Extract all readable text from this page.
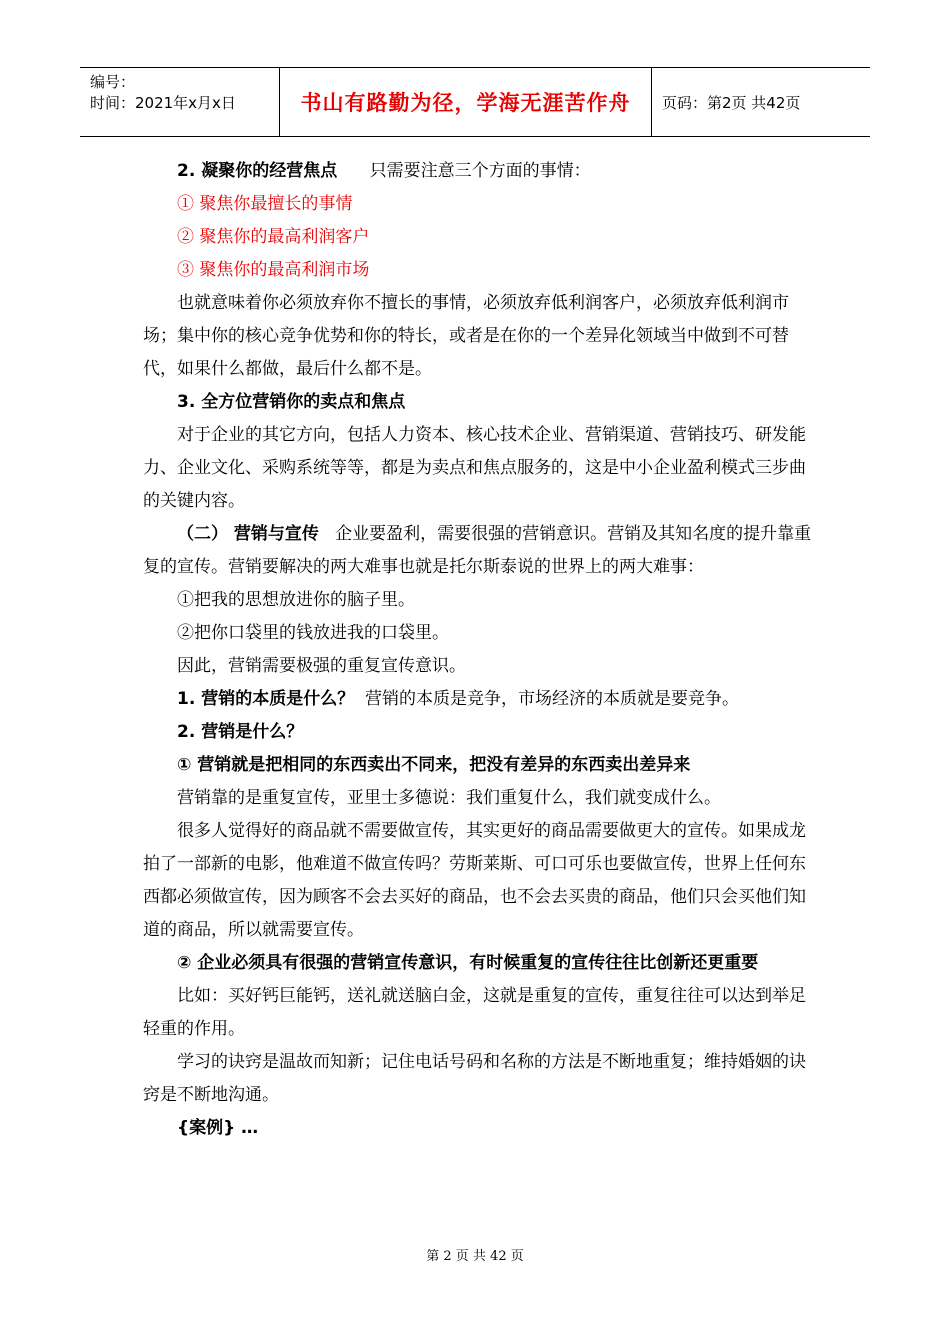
编号：
时间：2021年x月x日	书山有路勤为径，学海无涯苦作舟	页码：第2页 共42页

2. 凝聚你的经营焦点 只需要注意三个方面的事情：

① 聚焦你最擅长的事情

② 聚焦你的最高利润客户

③ 聚焦你的最高利润市场

也就意味着你必须放弃你不擅长的事情，必须放弃低利润客户，必须放弃低利润市场；集中你的核心竞争优势和你的特长，或者是在你的一个差异化领域当中做到不可替代，如果什么都做，最后什么都不是。

3. 全方位营销你的卖点和焦点

对于企业的其它方向，包括人力资本、核心技术企业、营销渠道、营销技巧、研发能力、企业文化、采购系统等等，都是为卖点和焦点服务的，这是中小企业盈利模式三步曲的关键内容。

（二） 营销与宣传 企业要盈利，需要很强的营销意识。营销及其知名度的提升靠重复的宣传。营销要解决的两大难事也就是托尔斯泰说的世界上的两大难事：

①把我的思想放进你的脑子里。

②把你口袋里的钱放进我的口袋里。

因此，营销需要极强的重复宣传意识。

1. 营销的本质是什么？ 营销的本质是竞争，市场经济的本质就是要竞争。

2. 营销是什么？

① 营销就是把相同的东西卖出不同来，把没有差异的东西卖出差异来

营销靠的是重复宣传，亚里士多德说：我们重复什么，我们就变成什么。

很多人觉得好的商品就不需要做宣传，其实更好的商品需要做更大的宣传。如果成龙拍了一部新的电影，他难道不做宣传吗？劳斯莱斯、可口可乐也要做宣传，世界上任何东西都必须做宣传，因为顾客不会去买好的商品，也不会去买贵的商品，他们只会买他们知道的商品，所以就需要宣传。

② 企业必须具有很强的营销宣传意识，有时候重复的宣传往往比创新还更重要

比如：买好钙巨能钙，送礼就送脑白金，这就是重复的宣传，重复往往可以达到举足轻重的作用。

学习的诀窍是温故而知新；记住电话号码和名称的方法是不断地重复；维持婚姻的诀窍是不断地沟通。

{案例} …

第 2 页 共 42 页
